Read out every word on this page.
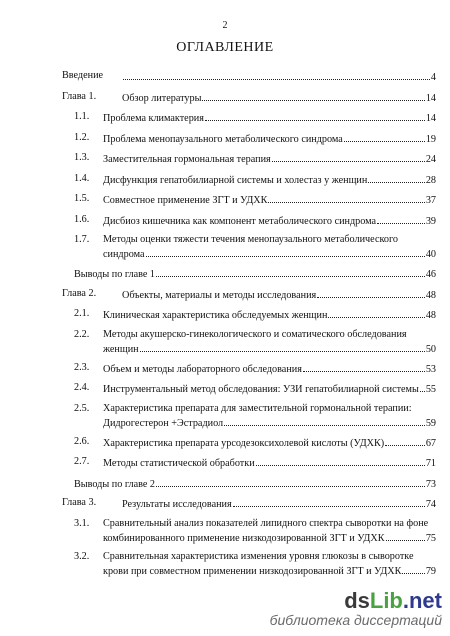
2
ОГЛАВЛЕНИЕ
Введение	4
Глава 1.	Обзор литературы	14
1.1. Проблема климактерия	14
1.2. Проблема менопаузального метаболического синдрома	19
1.3. Заместительная гормональная терапия	24
1.4. Дисфункция гепатобилиарной системы и холестаз у женщин	28
1.5. Совместное применение ЗГТ и УДХК	37
1.6. Дисбиоз кишечника как компонент метаболического синдрома	39
1.7. Методы оценки тяжести течения менопаузального метаболического
синдрома	40
Выводы по главе 1	46
Глава 2.	Объекты, материалы и методы исследования	48
2.1. Клиническая характеристика обследуемых женщин	48
2.2. Методы акушерско-гинекологического и соматического обследования
женщин	50
2.3. Объем и методы лабораторного обследования	53
2.4. Инструментальный метод обследования: УЗИ гепатобилиарной системы 55
2.5. Характеристика препарата для заместительной гормональной терапии:
Дидрогестерон +Эстрадиол	59
2.6. Характеристика препарата урсодезоксихолевой кислоты (УДХК)	67
2.7. Методы статистической обработки	71
Выводы по главе 2	73
Глава 3.	Результаты исследования	74
3.1. Сравнительный анализ показателей липидного спектра сыворотки на фоне
комбинированного применение низкодозированной ЗГТ и УДХК	75
3.2. Сравнительная характеристика изменения уровня глюкозы в сыворотке
крови при совместном применении низкодозированной ЗГТ и УДХК 79
dsLib.net
библиотека диссертаций
